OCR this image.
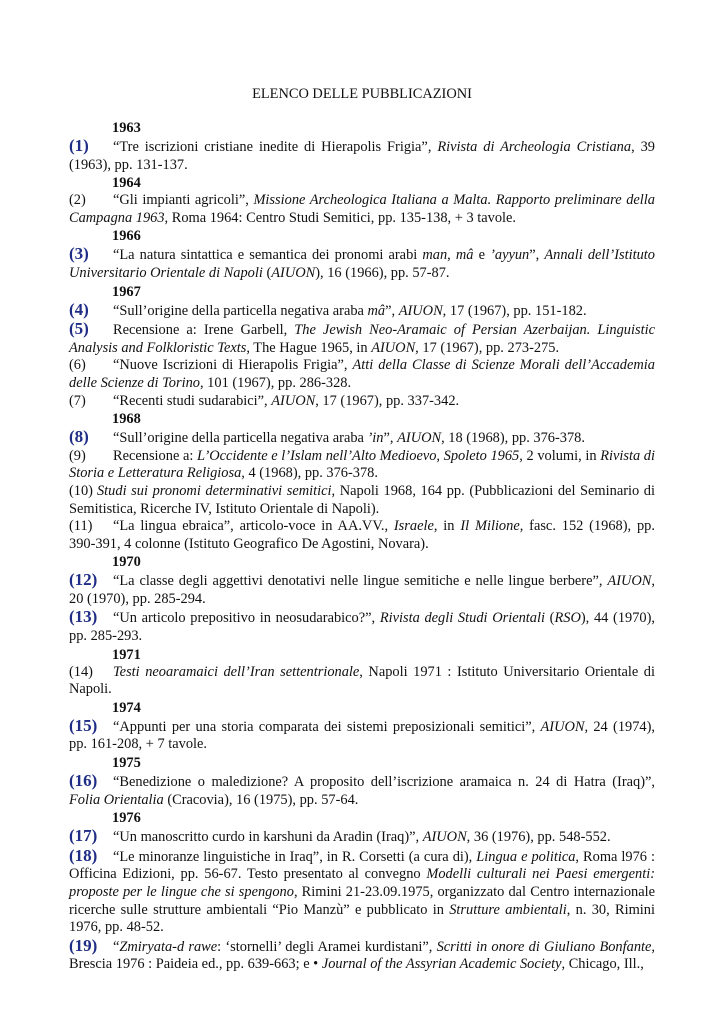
ELENCO DELLE PUBBLICAZIONI
1963
(1) “Tre iscrizioni cristiane inedite di Hierapolis Frigia”, Rivista di Archeologia Cristiana, 39 (1963), pp. 131-137.
1964
(2) “Gli impianti agricoli”, Missione Archeologica Italiana a Malta. Rapporto preliminare della Campagna 1963, Roma 1964: Centro Studi Semitici, pp. 135-138, + 3 tavole.
1966
(3) “La natura sintattica e semantica dei pronomi arabi man, mâ e ’ayyun”, Annali dell’Istituto Universitario Orientale di Napoli (AIUON), 16 (1966), pp. 57-87.
1967
(4) “Sull’origine della particella negativa araba mâ”, AIUON, 17 (1967), pp. 151-182.
(5) Recensione a: Irene Garbell, The Jewish Neo-Aramaic of Persian Azerbaijan. Linguistic Analysis and Folkloristic Texts, The Hague 1965, in AIUON, 17 (1967), pp. 273-275.
(6) “Nuove Iscrizioni di Hierapolis Frigia”, Atti della Classe di Scienze Morali dell’Accademia delle Scienze di Torino, 101 (1967), pp. 286-328.
(7) “Recenti studi sudarabici”, AIUON, 17 (1967), pp. 337-342.
1968
(8) “Sull’origine della particella negativa araba ’in”, AIUON, 18 (1968), pp. 376-378.
(9) Recensione a: L’Occidente e l’Islam nell’Alto Medioevo, Spoleto 1965, 2 volumi, in Rivista di Storia e Letteratura Religiosa, 4 (1968), pp. 376-378.
(10) Studi sui pronomi determinativi semitici, Napoli 1968, 164 pp. (Pubblicazioni del Seminario di Semitistica, Ricerche IV, Istituto Orientale di Napoli).
(11) “La lingua ebraica”, articolo-voce in AA.VV., Israele, in Il Milione, fasc. 152 (1968), pp. 390-391, 4 colonne (Istituto Geografico De Agostini, Novara).
1970
(12) “La classe degli aggettivi denotativi nelle lingue semitiche e nelle lingue berbere”, AIUON, 20 (1970), pp. 285-294.
(13) “Un articolo prepositivo in neosudarabico?”, Rivista degli Studi Orientali (RSO), 44 (1970), pp. 285-293.
1971
(14) Testi neoaramaici dell’Iran settentrionale, Napoli 1971 : Istituto Universitario Orientale di Napoli.
1974
(15) “Appunti per una storia comparata dei sistemi preposizionali semitici”, AIUON, 24 (1974), pp. 161-208, + 7 tavole.
1975
(16) “Benedizione o maledizione? A proposito dell’iscrizione aramaica n. 24 di Hatra (Iraq)”, Folia Orientalia (Cracovia), 16 (1975), pp. 57-64.
1976
(17) “Un manoscritto curdo in karshuni da Aradin (Iraq)”, AIUON, 36 (1976), pp. 548-552.
(18) “Le minoranze linguistiche in Iraq”, in R. Corsetti (a cura di), Lingua e politica, Roma l976 : Officina Edizioni, pp. 56-67. Testo presentato al convegno Modelli culturali nei Paesi emergenti: proposte per le lingue che si spengono, Rimini 21-23.09.1975, organizzato dal Centro internazionale ricerche sulle strutture ambientali “Pio Manzù” e pubblicato in Strutture ambientali, n. 30, Rimini 1976, pp. 48-52.
(19) “Zmiryata-d rawe: ‘stornelli’ degli Aramei kurdistani”, Scritti in onore di Giuliano Bonfante, Brescia 1976 : Paideia ed., pp. 639-663; e • Journal of the Assyrian Academic Society, Chicago, Ill.,
